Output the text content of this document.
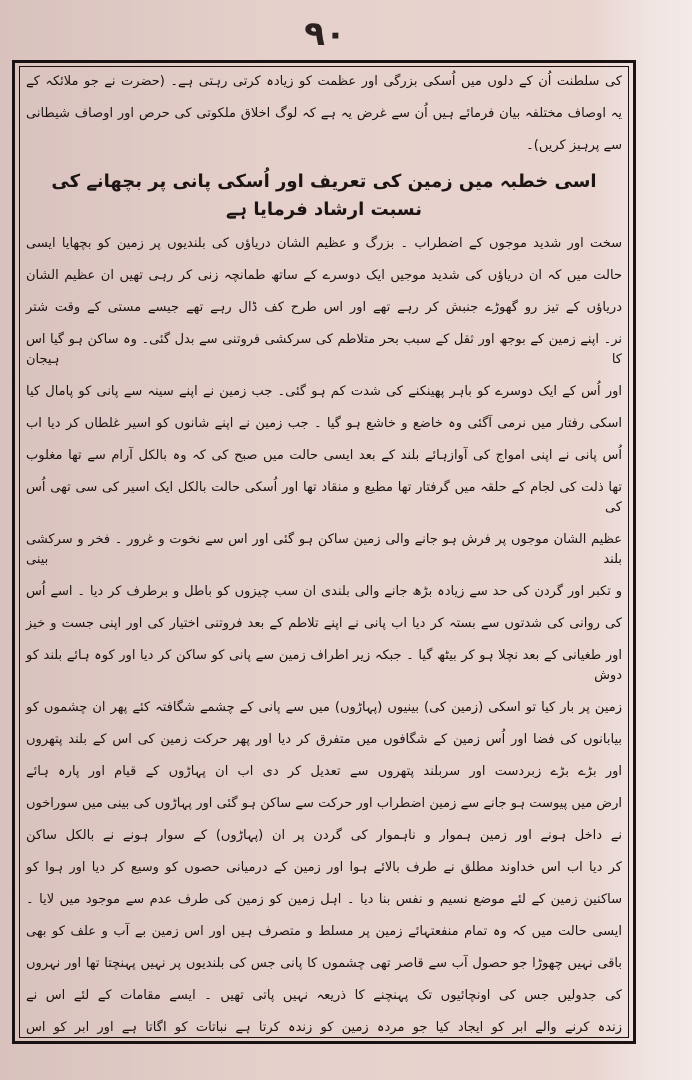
۹۰
کی سلطنت اُن کے دلوں میں اُسکی بزرگی اور عظمت کو زیادہ کرتی رہتی ہے۔ (حضرت نے جو ملائکہ کے
یہ اوصاف مختلفہ بیان فرمائے ہیں اُن سے غرض یہ ہے کہ لوگ اخلاق ملکوتی کی حرص اور اوصاف شیطانی
سے پرہیز کریں)۔
اسی خطبہ میں زمین کی تعریف اور اُسکی پانی پر بچھانے کی نسبت ارشاد فرمایا ہے
سخت اور شدید موجوں کے اضطراب ۔ بزرگ و عظیم الشان دریاؤں کی بلندیوں پر زمین کو بچھایا ایسی
حالت میں کہ ان دریاؤں کی شدید موجیں ایک دوسرے کے ساتھ طمانچہ زنی کر رہی تھیں ان عظیم الشان
دریاؤں کے تیز رو گھوڑے جنبش کر رہے تھے اور اس طرح کف ڈال رہے تھے جیسے مستی کے وقت شتر
نر۔ اپنے زمین کے بوجھ اور ثقل کے سبب بحر متلاطم کی سرکشی فروتنی سے بدل گئی۔ وہ ساکن ہو گیا اس کا ہیجان
اور اُس کے ایک دوسرے کو باہر پھینکنے کی شدت کم ہو گئی۔ جب زمین نے اپنے سینہ سے پانی کو پامال کیا
اسکی رفتار میں نرمی آگئی وہ خاضع و خاشع ہو گیا ۔ جب زمین نے اپنے شانوں کو اسیر غلطاں کر دیا اب
اُس پانی نے اپنی امواج کی آوازہائے بلند کے بعد ایسی حالت میں صبح کی کہ وہ بالکل آرام سے تھا مغلوب
تھا ذلت کی لجام کے حلقہ میں گرفتار تھا مطیع و منقاد تھا اور اُسکی حالت بالکل ایک اسیر کی سی تھی اُس کی
عظیم الشان موجوں پر فرش ہو جانے والی زمین ساکن ہو گئی اور اس سے نخوت و غرور ۔ فخر و سرکشی بلند بینی
و تکبر اور گردن کی حد سے زیادہ بڑھ جانے والی بلندی ان سب چیزوں کو باطل و برطرف کر دیا ۔ اسے اُس
کی روانی کی شدتوں سے بستہ کر دیا اب پانی نے اپنے تلاطم کے بعد فروتنی اختیار کی اور اپنی جست و خیز
اور طغیانی کے بعد نچلا ہو کر بیٹھ گیا ۔ جبکہ زیر اطراف زمین سے پانی کو ساکن کر دیا اور کوہ ہائے بلند کو دوش
زمین پر بار کیا تو اسکی (زمین کی) بینیوں (پہاڑوں) میں سے پانی کے چشمے شگافتہ کئے پھر ان چشموں کو
بیابانوں کی فضا اور اُس زمین کے شگافوں میں متفرق کر دیا اور پھر حرکت زمین کی اس کے بلند پتھروں
اور بڑے بڑے زبردست اور سربلند پتھروں سے تعدیل کر دی اب ان پہاڑوں کے قیام اور پارہ ہائے
ارض میں پیوست ہو جانے سے زمین اضطراب اور حرکت سے ساکن ہو گئی اور پہاڑوں کی بینی میں سوراخوں
نے داخل ہونے اور زمین ہموار و ناہموار کی گردن پر ان (پہاڑوں) کے سوار ہونے نے بالکل ساکن
کر دیا اب اس خداوند مطلق نے طرف بالائے ہوا اور زمین کے درمیانی حصوں کو وسیع کر دیا اور ہوا کو
ساکنین زمین کے لئے موضع نسیم و نفس بنا دیا ۔ اہل زمین کو زمین کی طرف عدم سے موجود میں لایا ۔
ایسی حالت میں کہ وہ تمام منفعتہائے زمین پر مسلط و متصرف ہیں اور اس زمین بے آب و علف کو بھی
باقی نہیں چھوڑا جو حصول آب سے قاصر تھی چشموں کا پانی جس کی بلندیوں پر نہیں پہنچتا تھا اور نہروں
کی جدولیں جس کی اونچائیوں تک پہنچنے کا ذریعہ نہیں پاتی تھیں ۔ ایسے مقامات کے لئے اس نے
زندہ کرنے والے ابر کو ایجاد کیا جو مردہ زمین کو زندہ کرتا ہے نباتات کو اگاتا ہے اور ابر کو اس
